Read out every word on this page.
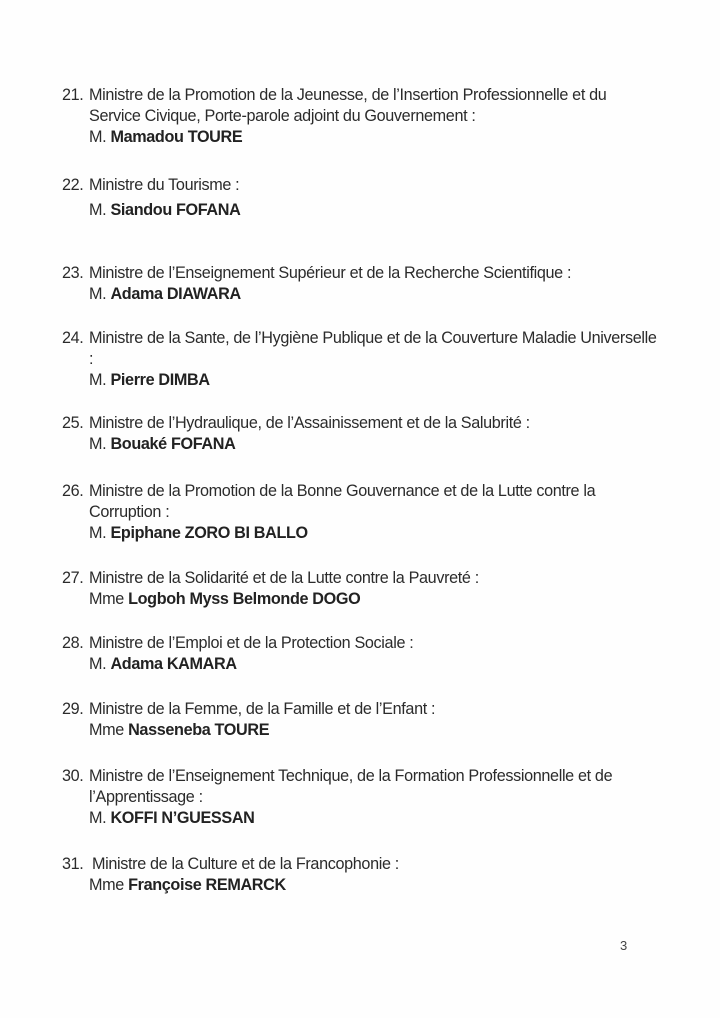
21. Ministre de la Promotion de la Jeunesse, de l’Insertion Professionnelle et du Service Civique, Porte-parole adjoint du Gouvernement :
M. Mamadou TOURE
22. Ministre du Tourisme :
M. Siandou FOFANA
23. Ministre de l’Enseignement Supérieur et de la Recherche Scientifique :
M. Adama DIAWARA
24. Ministre de la Sante, de l’Hygiène Publique et de la Couverture Maladie Universelle :
M. Pierre DIMBA
25. Ministre de l’Hydraulique, de l’Assainissement et de la Salubrité :
M. Bouaké FOFANA
26. Ministre de la Promotion de la Bonne Gouvernance et de la Lutte contre la Corruption :
M. Epiphane ZORO BI BALLO
27. Ministre de la Solidarité et de la Lutte contre la Pauvreté :
Mme Logboh Myss Belmonde DOGO
28. Ministre de l’Emploi et de la Protection Sociale :
M. Adama KAMARA
29. Ministre de la Femme, de la Famille et de l’Enfant :
Mme Nasseneba TOURE
30. Ministre de l’Enseignement Technique, de la Formation Professionnelle et de l’Apprentissage :
M. KOFFI N’GUESSAN
31. Ministre de la Culture et de la Francophonie :
Mme Françoise REMARCK
3
